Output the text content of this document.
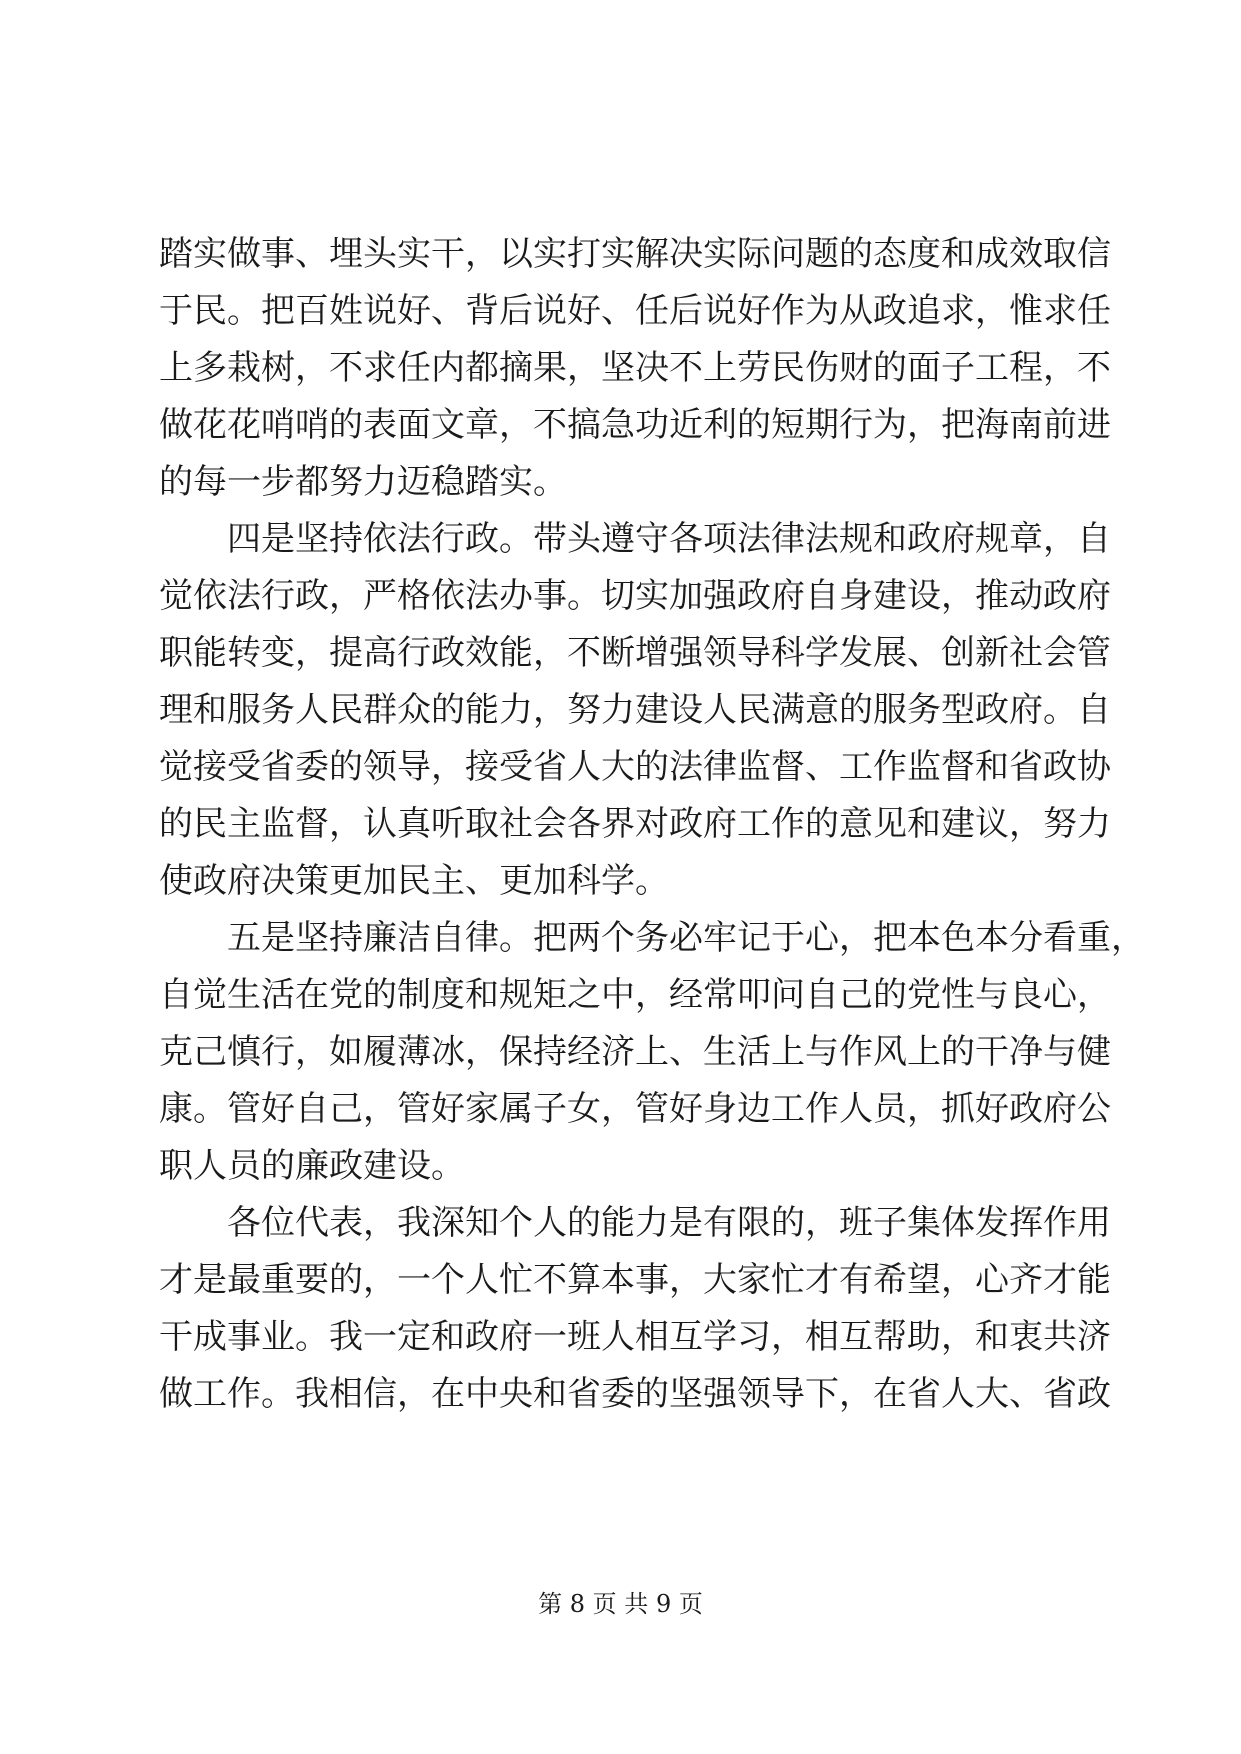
踏实做事、埋头实干，以实打实解决实际问题的态度和成效取信
于民。把百姓说好、背后说好、任后说好作为从政追求，惟求任
上多栽树，不求任内都摘果，坚决不上劳民伤财的面子工程，不
做花花哨哨的表面文章，不搞急功近利的短期行为，把海南前进
的每一步都努力迈稳踏实。
　　四是坚持依法行政。带头遵守各项法律法规和政府规章，自
觉依法行政，严格依法办事。切实加强政府自身建设，推动政府
职能转变，提高行政效能，不断增强领导科学发展、创新社会管
理和服务人民群众的能力，努力建设人民满意的服务型政府。自
觉接受省委的领导，接受省人大的法律监督、工作监督和省政协
的民主监督，认真听取社会各界对政府工作的意见和建议，努力
使政府决策更加民主、更加科学。
　　五是坚持廉洁自律。把两个务必牢记于心，把本色本分看重，
自觉生活在党的制度和规矩之中，经常叩问自己的党性与良心，
克己慎行，如履薄冰，保持经济上、生活上与作风上的干净与健
康。管好自己，管好家属子女，管好身边工作人员，抓好政府公
职人员的廉政建设。
　　各位代表，我深知个人的能力是有限的，班子集体发挥作用
才是最重要的，一个人忙不算本事，大家忙才有希望，心齐才能
干成事业。我一定和政府一班人相互学习，相互帮助，和衷共济
做工作。我相信，在中央和省委的坚强领导下，在省人大、省政
第 8 页 共 9 页
